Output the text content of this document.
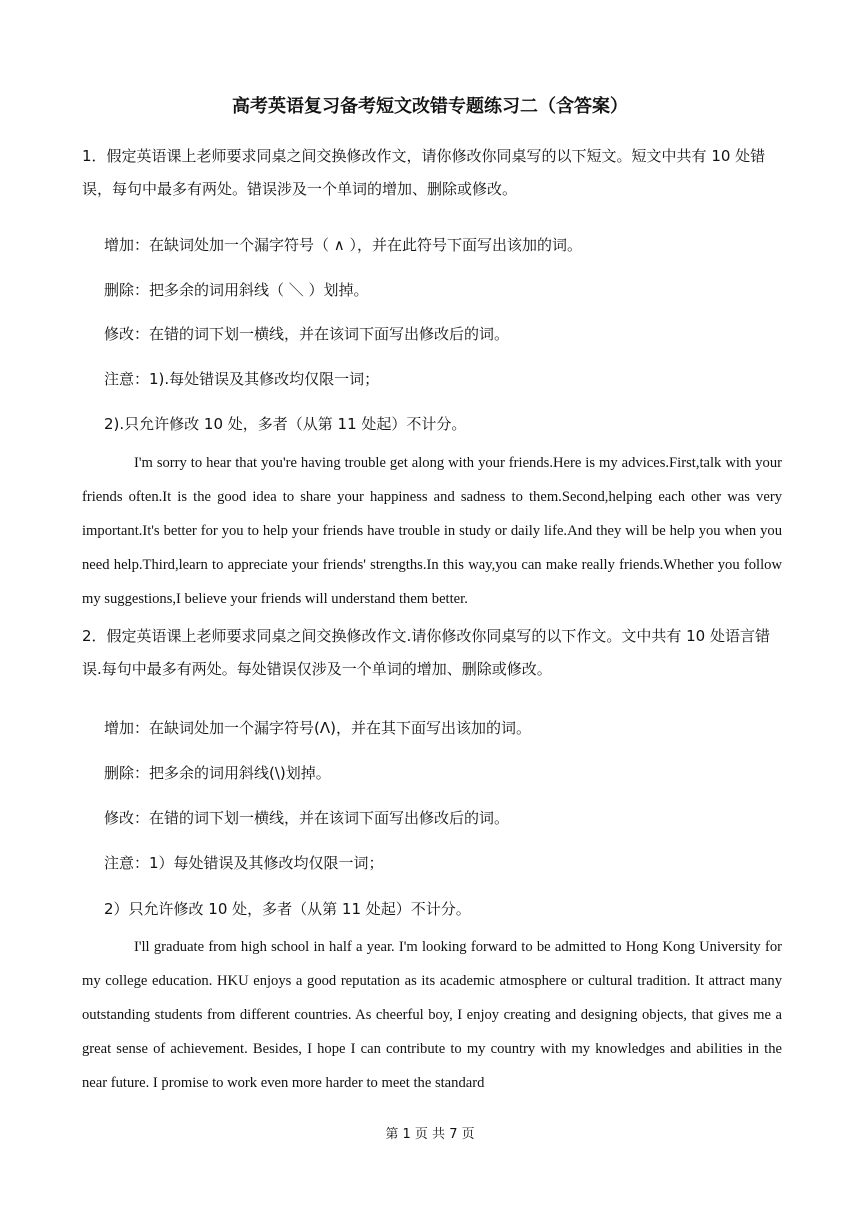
高考英语复习备考短文改错专题练习二（含答案）
1．假定英语课上老师要求同桌之间交换修改作文，请你修改你同桌写的以下短文。短文中共有 10 处错误，每句中最多有两处。错误涉及一个单词的增加、删除或修改。
增加：在缺词处加一个漏字符号（ ∧ ），并在此符号下面写出该加的词。
删除：把多余的词用斜线（ ＼ ）划掉。
修改：在错的词下划一横线，并在该词下面写出修改后的词。
注意：1).每处错误及其修改均仅限一词；
2).只允许修改 10 处，多者（从第 11 处起）不计分。
I'm sorry to hear that you're having trouble get along with your friends.Here is my advices.First,talk with your friends often.It is the good idea to share your happiness and sadness to them.Second,helping each other was very important.It's better for you to help your friends have trouble in study or daily life.And they will be help you when you need help.Third,learn to appreciate your friends' strengths.In this way,you can make really friends.Whether you follow my suggestions,I believe your friends will understand them better.
2．假定英语课上老师要求同桌之间交换修改作文.请你修改你同桌写的以下作文。文中共有 10 处语言错误.每句中最多有两处。每处错误仅涉及一个单词的增加、删除或修改。
增加：在缺词处加一个漏字符号(Λ)，并在其下面写出该加的词。
删除：把多余的词用斜线(\)划掉。
修改：在错的词下划一横线，并在该词下面写出修改后的词。
注意：1）每处错误及其修改均仅限一词；
2）只允许修改 10 处，多者（从第 11 处起）不计分。
I'll graduate from high school in half a year. I'm looking forward to be admitted to Hong Kong University for my college education. HKU enjoys a good reputation as its academic atmosphere or cultural tradition. It attract many outstanding students from different countries. As cheerful boy, I enjoy creating and designing objects, that gives me a great sense of achievement. Besides, I hope I can contribute to my country with my knowledges and abilities in the near future. I promise to work even more harder to meet the standard
第 1 页 共 7 页
